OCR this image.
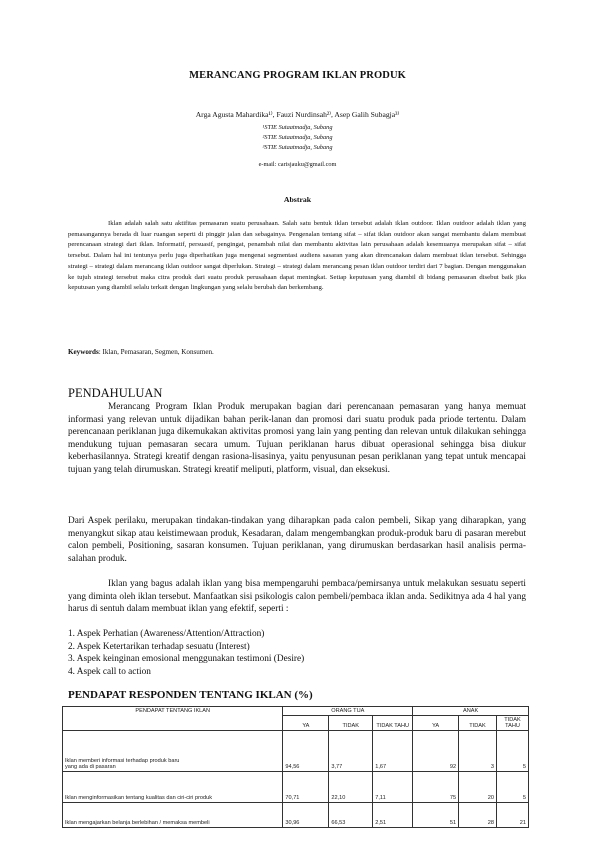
MERANCANG PROGRAM IKLAN PRODUK
Arga Agusta Mahardika¹⁾, Fauzi Nurdinsah²⁾, Asep Galih Subagja³⁾
¹STIE Sutaatmadja, Subang
²STIE Sutaatmadja, Subang
³STIE Sutaatmadja, Subang
e-mail: carisjauku@gmail.com
Abstrak

Iklan adalah salah satu aktifitas pemasaran suatu perusahaan. Salah satu bentuk iklan tersebut adalah iklan outdoor. Iklan outdoor adalah iklan yang pemasangannya berada di luar ruangan seperti di pinggir jalan dan sebagainya. Pengenalan tentang sifat – sifat iklan outdoor akan sangat membantu dalam membuat perencanaan strategi dari iklan. Informatif, persuasif, pengingat, penambah nilai dan membantu aktivitas lain perusahaan adalah kesemuanya merupakan sifat – sifat tersebut. Dalam hal ini tentunya perlu juga diperhatikan juga mengenai segmentasi audiens sasaran yang akan direncanakan dalam membuat iklan tersebut. Sehingga strategi – strategi dalam merancang iklan outdoor sangat diperlukan. Strategi – strategi dalam merancang pesan iklan outdoor terdiri dari 7 bagian. Dengan menggunakan ke tujuh strategi tersebut maka citra produk dari suatu produk perusahaan dapat meningkat. Setiap keputusan yang diambil di bidang pemasaran disebut baik jika keputusan yang diambil selalu terkait dengan lingkungan yang selalu berubah dan berkembang.

Keywords: Iklan, Pemasaran, Segmen, Konsumen.

PENDAHULUAN

Merancang Program Iklan Produk merupakan bagian dari perencanaan pemasaran yang hanya memuat informasi yang relevan untuk dijadikan bahan perik-lanan dan promosi dari suatu produk pada priode tertentu. Dalam perencanaan periklanan juga dikemukakan aktivitas promosi yang lain yang penting dan relevan untuk dilakukan sehingga mendukung tujuan pemasaran secara umum. Tujuan periklanan harus dibuat operasional sehingga bisa diukur keberhasilannya. Strategi kreatif dengan rasiona-lisasinya, yaitu penyusunan pesan periklanan yang tepat untuk mencapai tujuan yang telah dirumuskan. Strategi kreatif meliputi, platform, visual, dan eksekusi.

Dari Aspek perilaku, merupakan tindakan-tindakan yang diharapkan pada calon pembeli, Sikap yang diharapkan, yang menyangkut sikap atau keistimewaan produk, Kesadaran, dalam mengembangkan produk-produk baru di pasaran merebut calon pembeli, Positioning, sasaran konsumen. Tujuan periklanan, yang dirumuskan berdasarkan hasil analisis perma-salahan produk.

Iklan yang bagus adalah iklan yang bisa mempengaruhi pembaca/pemirsanya untuk melakukan sesuatu seperti yang diminta oleh iklan tersebut. Manfaatkan sisi psikologis calon pembeli/pembaca iklan anda. Sedikitnya ada 4 hal yang harus di sentuh dalam membuat iklan yang efektif, seperti :

1. Aspek Perhatian (Awareness/Attention/Attraction)
2. Aspek Ketertarikan terhadap sesuatu (Interest)
3. Aspek keinginan emosional menggunakan testimoni (Desire)
4. Aspek call to action
PENDAPAT RESPONDEN TENTANG IKLAN (%)
PENDAPAT TENTANG IKLAN	ORANG TUA			ANAK		
	YA	TIDAK	TIDAK TAHU	YA	TIDAK	TIDAK TAHU
Iklan memberi informasi terhadap produk baru
yang ada di pasaran	94,56	3,77	1,67	92	3	5
Iklan menginformasikan tentang kualitas dan ciri-ciri produk	70,71	22,10	7,11	75	20	5
Iklan mengajarkan belanja berlebihan / memaksa membeli	30,96	66,53	2,51	51	28	21
